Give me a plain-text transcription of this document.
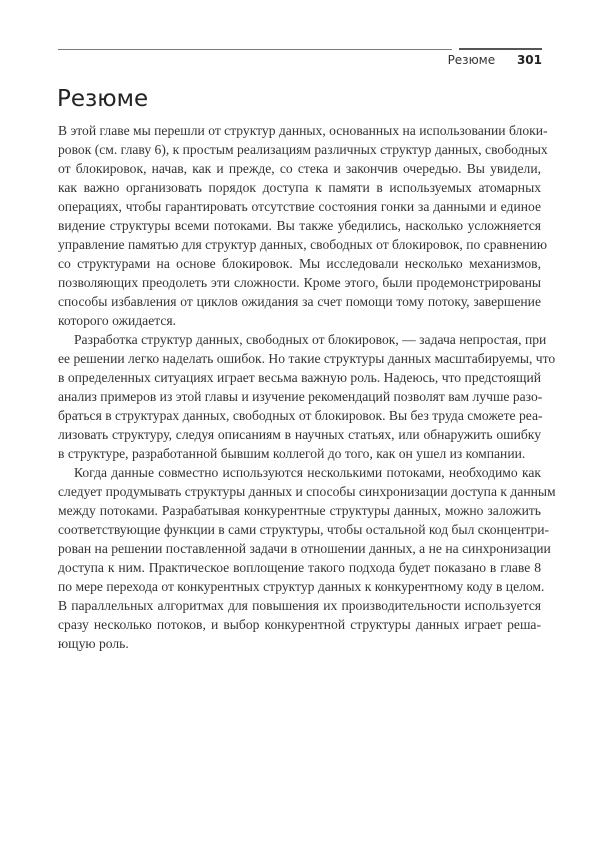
Резюме 301
Резюме
В этой главе мы перешли от структур данных, основанных на использовании блоки-
ровок (см. главу 6), к простым реализациям различных структур данных, свободных
от блокировок, начав, как и прежде, со стека и закончив очередью. Вы увидели,
как важно организовать порядок доступа к памяти в используемых атомарных
операциях, чтобы гарантировать отсутствие состояния гонки за данными и единое
видение структуры всеми потоками. Вы также убедились, насколько усложняется
управление памятью для структур данных, свободных от блокировок, по сравнению
со структурами на основе блокировок. Мы исследовали несколько механизмов,
позволяющих преодолеть эти сложности. Кроме этого, были продемонстрированы
способы избавления от циклов ожидания за счет помощи тому потоку, завершение
которого ожидается.
Разработка структур данных, свободных от блокировок, — задача непростая, при
ее решении легко наделать ошибок. Но такие структуры данных масштабируемы, что
в определенных ситуациях играет весьма важную роль. Надеюсь, что предстоящий
анализ примеров из этой главы и изучение рекомендаций позволят вам лучше разо-
браться в структурах данных, свободных от блокировок. Вы без труда сможете реа-
лизовать структуру, следуя описаниям в научных статьях, или обнаружить ошибку
в структуре, разработанной бывшим коллегой до того, как он ушел из компании.
Когда данные совместно используются несколькими потоками, необходимо как
следует продумывать структуры данных и способы синхронизации доступа к данным
между потоками. Разрабатывая конкурентные структуры данных, можно заложить
соответствующие функции в сами структуры, чтобы остальной код был сконцентри-
рован на решении поставленной задачи в отношении данных, а не на синхронизации
доступа к ним. Практическое воплощение такого подхода будет показано в главе 8
по мере перехода от конкурентных структур данных к конкурентному коду в целом.
В параллельных алгоритмах для повышения их производительности используется
сразу несколько потоков, и выбор конкурентной структуры данных играет реша-
ющую роль.
